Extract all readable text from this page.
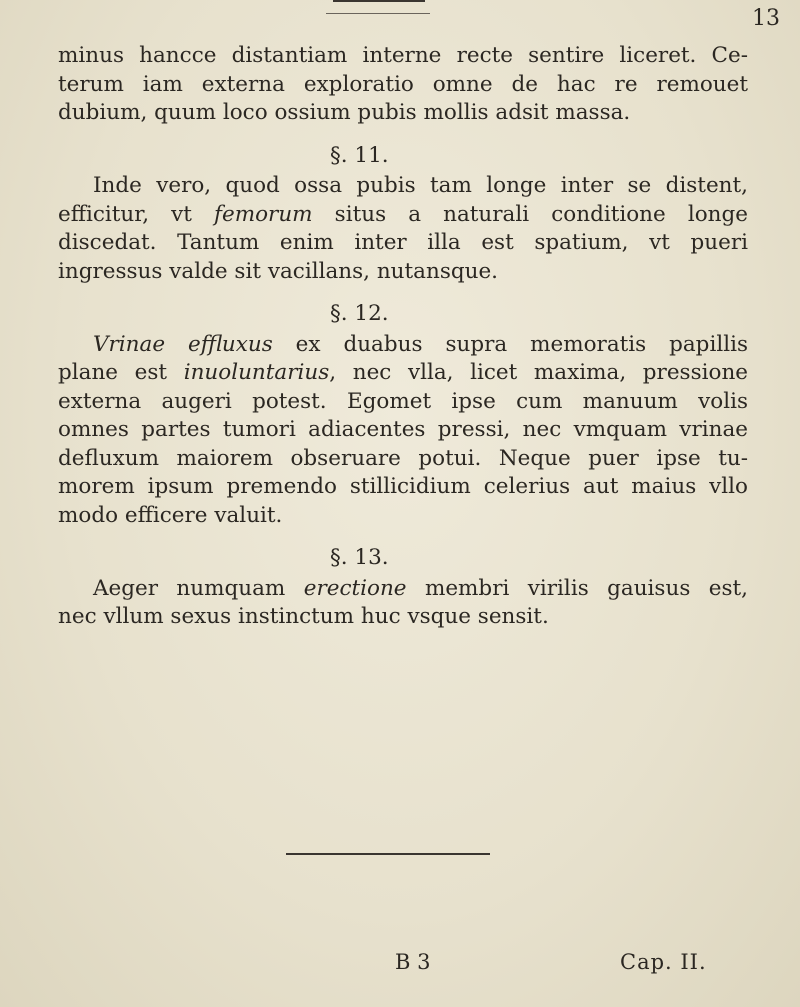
13
minus hancce distantiam interne recte sentire liceret. Ce-
terum iam externa exploratio omne de hac re remouet
dubium, quum loco ossium pubis mollis adsit massa.
§. 11.
Inde vero, quod ossa pubis tam longe inter se distent,
efficitur, vt femorum situs a naturali conditione longe
discedat. Tantum enim inter illa est spatium, vt pueri
ingressus valde sit vacillans, nutansque.
§. 12.
Vrinae effluxus ex duabus supra memoratis papillis
plane est inuoluntarius, nec vlla, licet maxima, pressione
externa augeri potest. Egomet ipse cum manuum volis
omnes partes tumori adiacentes pressi, nec vmquam vrinae
defluxum maiorem obseruare potui. Neque puer ipse tu-
morem ipsum premendo stillicidium celerius aut maius vllo
modo efficere valuit.
§. 13.
Aeger numquam erectione membri virilis gauisus est,
nec vllum sexus instinctum huc vsque sensit.
B 3	Cap. II.
